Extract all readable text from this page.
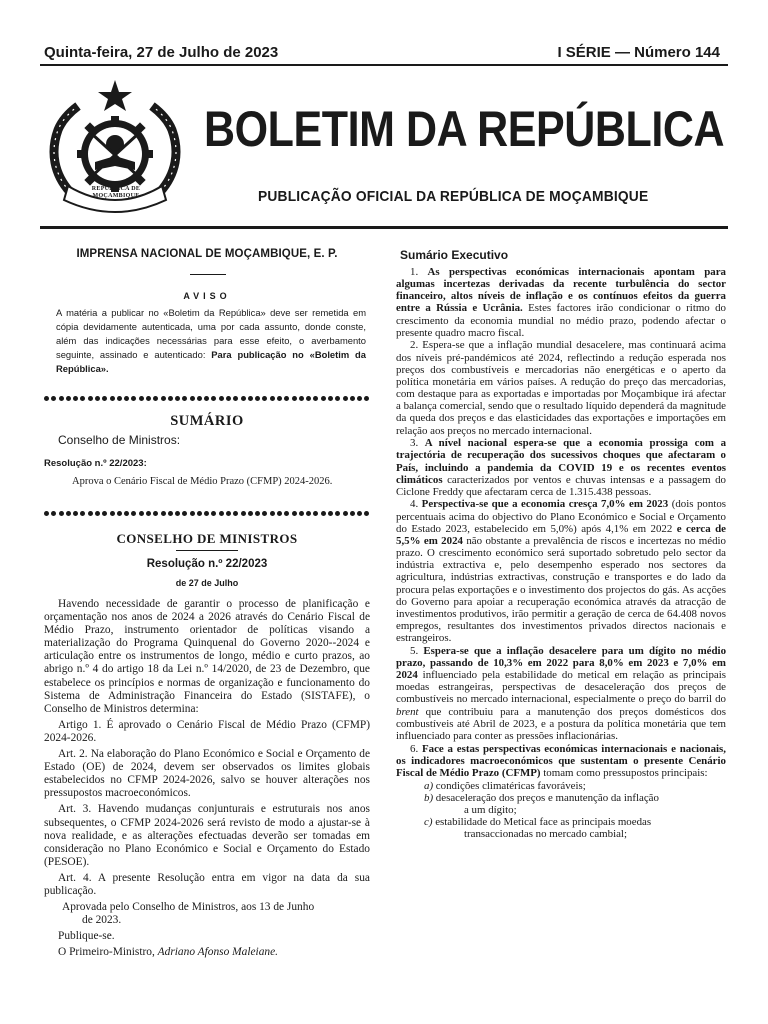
Quinta-feira, 27 de Julho de 2023	I SÉRIE — Número 144
REPÚBLICA DE MOÇAMBIQUE
BOLETIM DA REPÚBLICA
PUBLICAÇÃO OFICIAL DA REPÚBLICA DE MOÇAMBIQUE
IMPRENSA NACIONAL DE MOÇAMBIQUE, E. P.
AVISO
A matéria a publicar no «Boletim da República» deve ser remetida em cópia devidamente autenticada, uma por cada assunto, donde conste, além das indicações necessárias para esse efeito, o averbamento seguinte, assinado e autenticado: Para publicação no «Boletim da República».
SUMÁRIO
Conselho de Ministros:
Resolução n.º 22/2023:
Aprova o Cenário Fiscal de Médio Prazo (CFMP) 2024-2026.
CONSELHO DE MINISTROS
Resolução n.º 22/2023
de 27 de Julho

Havendo necessidade de garantir o processo de planificação e orçamentação nos anos de 2024 a 2026 através do Cenário Fiscal de Médio Prazo, instrumento orientador de políticas visando a materialização do Programa Quinquenal do Governo 2020--2024 e articulação entre os instrumentos de longo, médio e curto prazos, ao abrigo n.º 4 do artigo 18 da Lei n.º 14/2020, de 23 de Dezembro, que estabelece os princípios e normas de organização e funcionamento do Sistema de Administração Financeira do Estado (SISTAFE), o Conselho de Ministros determina:

Artigo 1. É aprovado o Cenário Fiscal de Médio Prazo (CFMP) 2024-2026.

Art. 2. Na elaboração do Plano Económico e Social e Orçamento de Estado (OE) de 2024, devem ser observados os limites globais estabelecidos no CFMP 2024-2026, salvo se houver alterações nos pressupostos macroeconómicos.

Art. 3. Havendo mudanças conjunturais e estruturais nos anos subsequentes, o CFMP 2024-2026 será revisto de modo a ajustar-se à nova realidade, e as alterações efectuadas deverão ser tomadas em consideração no Plano Económico e Social e Orçamento do Estado (PESOE).

Art. 4. A presente Resolução entra em vigor na data da sua publicação.

Aprovada pelo Conselho de Ministros, aos 13 de Junho

de 2023.

Publique-se.

O Primeiro-Ministro, Adriano Afonso Maleiane.

Sumário Executivo

1. As perspectivas económicas internacionais apontam para algumas incertezas derivadas da recente turbulência do sector financeiro, altos níveis de inflação e os contínuos efeitos da guerra entre a Rússia e Ucrânia. Estes factores irão condicionar o ritmo do crescimento da economia mundial no médio prazo, podendo afectar o presente quadro macro fiscal.

2. Espera-se que a inflação mundial desacelere, mas continuará acima dos níveis pré-pandémicos até 2024, reflectindo a redução esperada nos preços dos combustíveis e mercadorias não energéticas e o aperto da política monetária em vários países. A redução do preço das mercadorias, com destaque para as exportadas e importadas por Moçambique irá afectar a balança comercial, sendo que o resultado líquido dependerá da magnitude da queda dos preços e das elasticidades das exportações e importações em relação aos preços no mercado internacional.

3. A nível nacional espera-se que a economia prossiga com a trajectória de recuperação dos sucessivos choques que afectaram o País, incluindo a pandemia da COVID 19 e os recentes eventos climáticos caracterizados por ventos e chuvas intensas e a passagem do Ciclone Freddy que afectaram cerca de 1.315.438 pessoas.

4. Perspectiva-se que a economia cresça 7,0% em 2023 (dois pontos percentuais acima do objectivo do Plano Económico e Social e Orçamento do Estado 2023, estabelecido em 5,0%) após 4,1% em 2022 e cerca de 5,5% em 2024 não obstante a prevalência de riscos e incertezas no médio prazo. O crescimento económico será suportado sobretudo pelo sector da indústria extractiva e, pelo desempenho esperado nos sectores da agricultura, indústrias extractivas, construção e transportes e do lado da procura pelas exportações e o investimento dos projectos do gás. As acções do Governo para apoiar a recuperação económica através da atracção de investimentos produtivos, irão permitir a geração de cerca de 64.408 novos empregos, resultantes dos investimentos privados directos nacionais e estrangeiros.

5. Espera-se que a inflação desacelere para um dígito no médio prazo, passando de 10,3% em 2022 para 8,0% em 2023 e 7,0% em 2024 influenciado pela estabilidade do metical em relação as principais moedas estrangeiras, perspectivas de desaceleração dos preços de combustíveis no mercado internacional, especialmente o preço do barril do brent que contribuiu para a manutenção dos preços domésticos dos combustíveis até Abril de 2023, e a postura da política monetária que tem influenciado para conter as pressões inflacionárias.

6. Face a estas perspectivas económicas internacionais e nacionais, os indicadores macroeconómicos que sustentam o presente Cenário Fiscal de Médio Prazo (CFMP) tomam como pressupostos principais:

a) condições climatéricas favoráveis;
b) desaceleração dos preços e manutenção da inflação
a um dígito;
c) estabilidade do Metical face as principais moedas
transaccionadas no mercado cambial;
